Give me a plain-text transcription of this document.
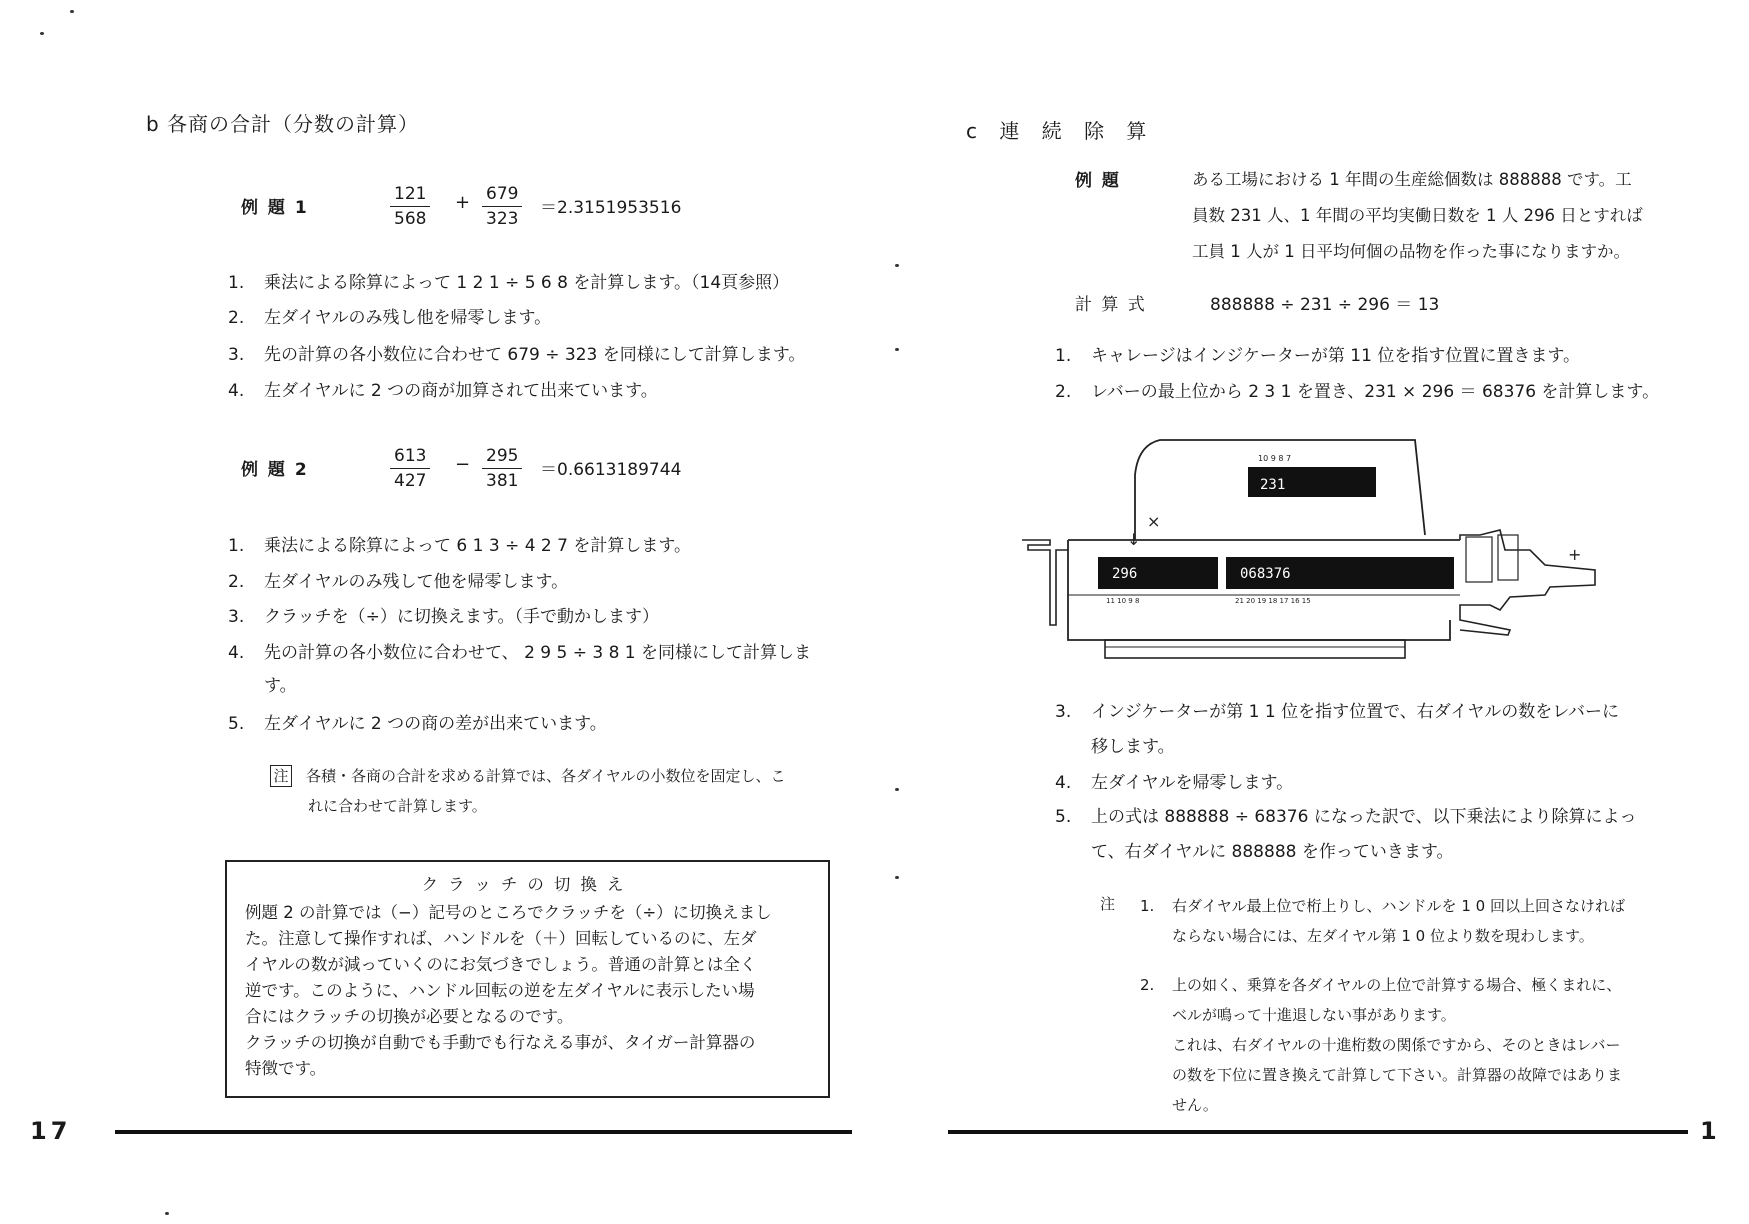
b 各商の合計（分数の計算）
例 題 1	$\frac{121}{568} + \frac{679}{323} =2.3151953516$
1. 乗法による除算によって 1 2 1 ÷ 5 6 8 を計算します。（14頁参照）
2. 左ダイヤルのみ残し他を帰零します。
3. 先の計算の各小数位に合わせて 679 ÷ 323 を同様にして計算します。
4. 左ダイヤルに 2 つの商が加算されて出来ています。
例 題 2	$\frac{613}{427} - \frac{295}{381} =0.6613189744$
1. 乗法による除算によって 6 1 3 ÷ 4 2 7 を計算します。
2. 左ダイヤルのみ残して他を帰零します。
3. クラッチを（÷）に切換えます。（手で動かします）
4. 先の計算の各小数位に合わせて、 2 9 5 ÷ 3 8 1 を同様にして計算しま
す。
5. 左ダイヤルに 2 つの商の差が出来ています。
注 各積・各商の合計を求める計算では、各ダイヤルの小数位を固定し、こ
れに合わせて計算します。
クラッチの切換え
例題 2 の計算では（−）記号のところでクラッチを（÷）に切換えまし
た。注意して操作すれば、ハンドルを（＋）回転しているのに、左ダ
イヤルの数が減っていくのにお気づきでしょう。普通の計算とは全く
逆です。このように、ハンドル回転の逆を左ダイヤルに表示したい場
合にはクラッチの切換が必要となるのです。
クラッチの切換が自動でも手動でも行なえる事が、タイガー計算器の
特徴です。
17
c 連 続 除 算
例 題	ある工場における 1 年間の生産総個数は 888888 です。工
員数 231 人、1 年間の平均実働日数を 1 人 296 日とすれば
工員 1 人が 1 日平均何個の品物を作った事になりますか。
計 算 式	888888 ÷ 231 ÷ 296 ＝ 13
1. キャレージはインジケーターが第 11 位を指す位置に置きます。
2. レバーの最上位から 2 3 1 を置き、231 × 296 ＝ 68376 を計算します。
231
10 9 8 7
296
11 10 9 8
068376
21 20 19 18 17 16 15
×
↓
+
3. インジケーターが第 1 1 位を指す位置で、右ダイヤルの数をレバーに
移します。
4. 左ダイヤルを帰零します。
5. 上の式は 888888 ÷ 68376 になった訳で、以下乗法により除算によっ
て、右ダイヤルに 888888 を作っていきます。
注 1. 右ダイヤル最上位で桁上りし、ハンドルを 1 0 回以上回さなければ
ならない場合には、左ダイヤル第 1 0 位より数を現わします。
2. 上の如く、乗算を各ダイヤルの上位で計算する場合、極くまれに、
ベルが鳴って十進退しない事があります。
これは、右ダイヤルの十進桁数の関係ですから、そのときはレバー
の数を下位に置き換えて計算して下さい。計算器の故障ではありま
せん。
1
